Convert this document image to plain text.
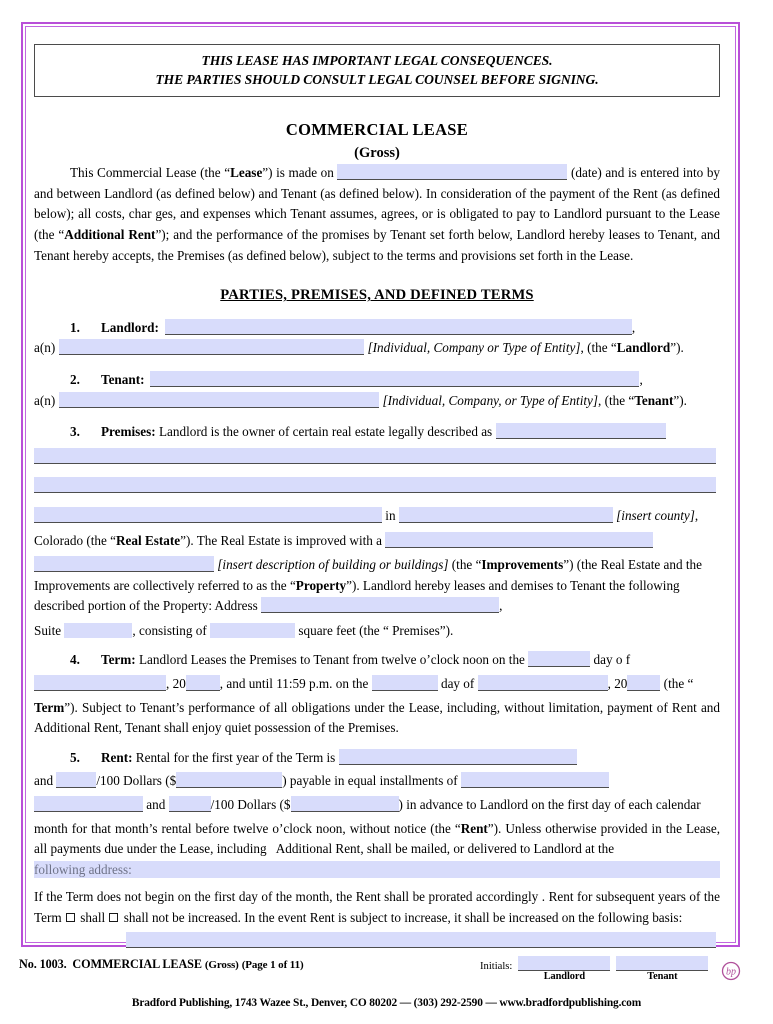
THIS LEASE HAS IMPORTANT LEGAL CONSEQUENCES.
THE PARTIES SHOULD CONSULT LEGAL COUNSEL BEFORE SIGNING.
COMMERCIAL LEASE
(Gross)

This Commercial Lease (the “Lease”) is made on	(date) and is entered into by and between Landlord (as defined below) and Tenant (as defined below). In consideration of the payment of the Rent (as defined below); all costs, char ges, and expenses which Tenant assumes, agrees, or is obligated to pay to Landlord pursuant to the Lease (the “Additional Rent”); and the performance of the promises by Tenant set forth below, Landlord hereby leases to Tenant, and Tenant hereby accepts, the Premises (as defined below), subject to the terms and provisions set forth in the Lease.

PARTIES, PREMISES, AND DEFINED TERMS
1. Landlord:	,
a(n)	[Individual, Company or Type of Entity], (the “Landlord”).
2. Tenant:	,
a(n)	[Individual, Company, or Type of Entity], (the “Tenant”).
3. Premises: Landlord is the owner of certain real estate legally described as
in	[insert county],
Colorado (the “Real Estate”). The Real Estate is improved with a
[insert description of building or buildings] (the “Improvements”) (the Real Estate and the Improvements are collectively referred to as the “Property”). Landlord hereby leases and demises to Tenant the following described portion of the Property: Address	,
Suite	, consisting of	square feet (the “ Premises”).
4. Term: Landlord Leases the Premises to Tenant from twelve o’clock noon on the	day o f
, 20	, and until 11:59 p.m. on the	day of	, 20	(the “

Term”). Subject to Tenant’s performance of all obligations under the Lease, including, without limitation, payment of Rent and Additional Rent, Tenant shall enjoy quiet possession of the Premises.

5. Rent: Rental for the first year of the Term is
and	/100 Dollars ($	) payable in equal installments of
and	/100 Dollars ($	) in advance to Landlord on the first day of each calendar

month for that month’s rental before twelve o’clock noon, without notice (the “Rent”). Unless otherwise provided in the Lease, all payments due under the Lease, including   Additional Rent, shall be mailed, or delivered to Landlord at the

following address:

If the Term does not begin on the first day of the month, the Rent shall be prorated accordingly . Rent for subsequent years of the Term  shall  shall not be increased. In the event Rent is subject to increase, it shall be increased on the following basis:

No. 1003. COMMERCIAL LEASE (Gross) (Page 1 of 11)	Initials:
Landlord	Tenant	bp
Bradford Publishing, 1743 Wazee St., Denver, CO 80202 — (303) 292-2590 — www.bradfordpublishing.com
